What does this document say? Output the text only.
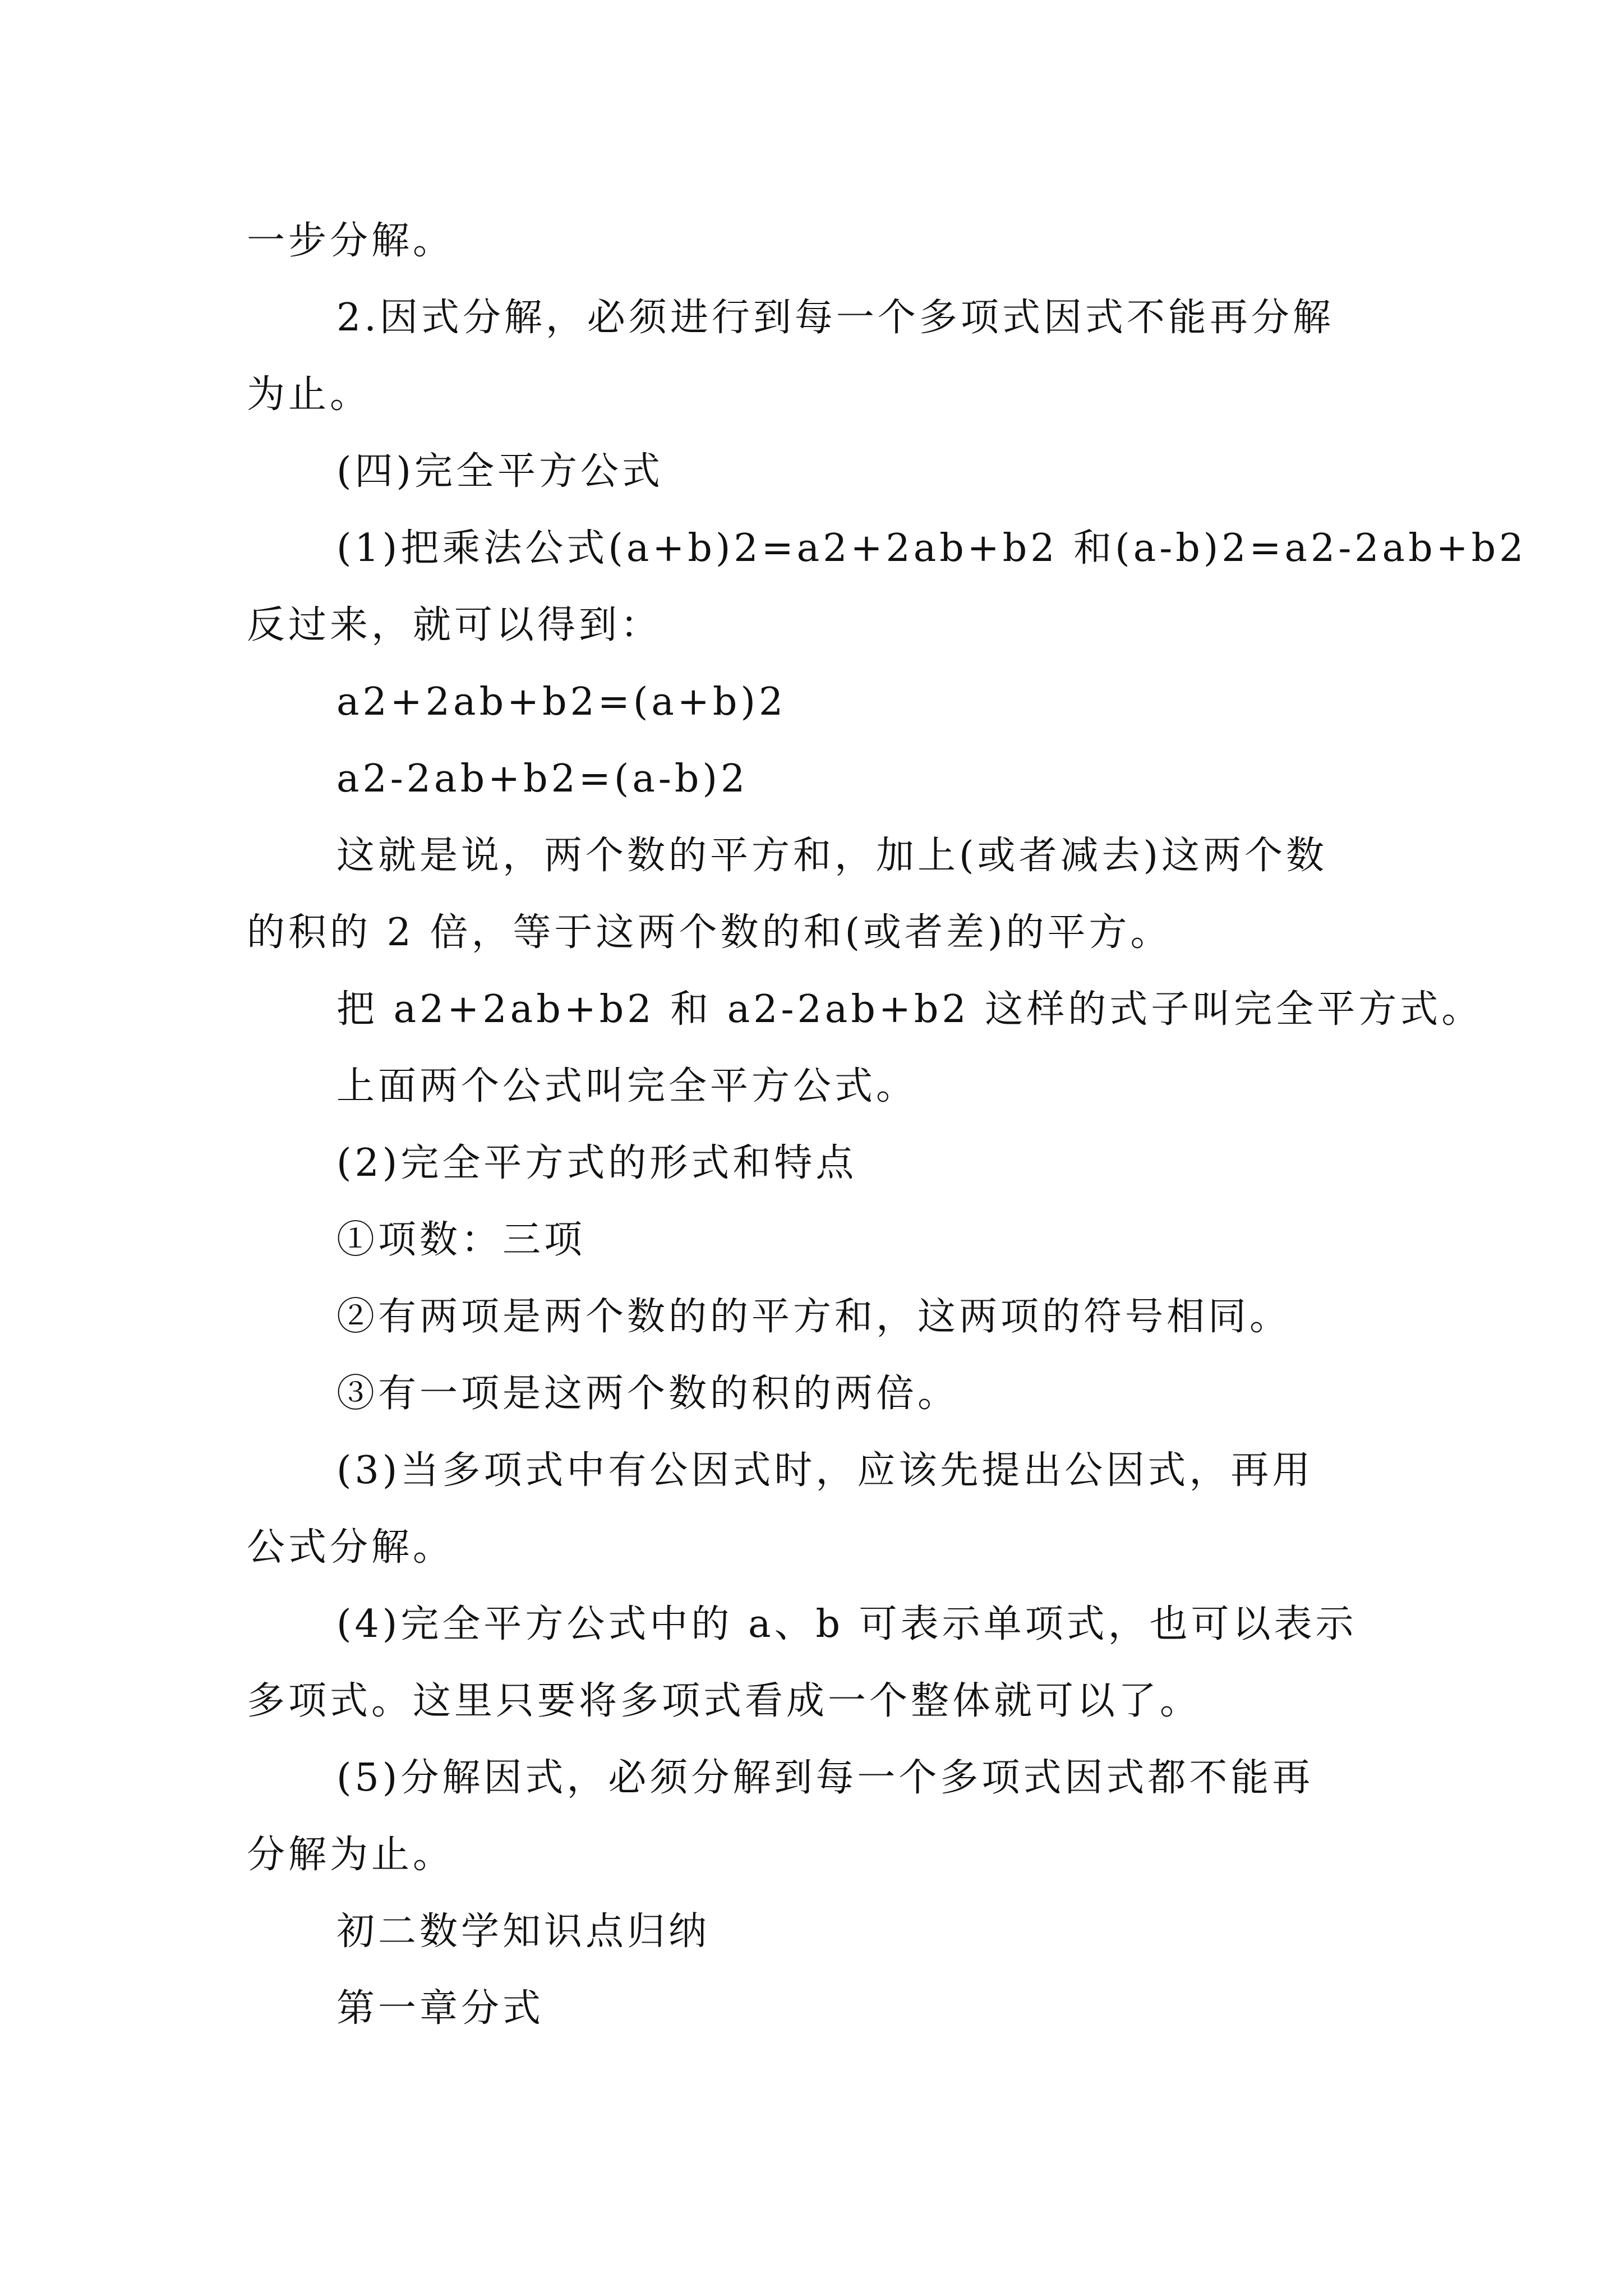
一步分解。
2.因式分解，必须进行到每一个多项式因式不能再分解
为止。
(四)完全平方公式
(1)把乘法公式(a+b)2=a2+2ab+b2 和(a-b)2=a2-2ab+b2
反过来，就可以得到：
a2+2ab+b2=(a+b)2
a2-2ab+b2=(a-b)2
这就是说，两个数的平方和，加上(或者减去)这两个数
的积的 2 倍，等于这两个数的和(或者差)的平方。
把 a2+2ab+b2 和 a2-2ab+b2 这样的式子叫完全平方式。
上面两个公式叫完全平方公式。
(2)完全平方式的形式和特点
①项数：三项
②有两项是两个数的的平方和，这两项的符号相同。
③有一项是这两个数的积的两倍。
(3)当多项式中有公因式时，应该先提出公因式，再用
公式分解。
(4)完全平方公式中的 a、b 可表示单项式，也可以表示
多项式。这里只要将多项式看成一个整体就可以了。
(5)分解因式，必须分解到每一个多项式因式都不能再
分解为止。
初二数学知识点归纳
第一章分式
